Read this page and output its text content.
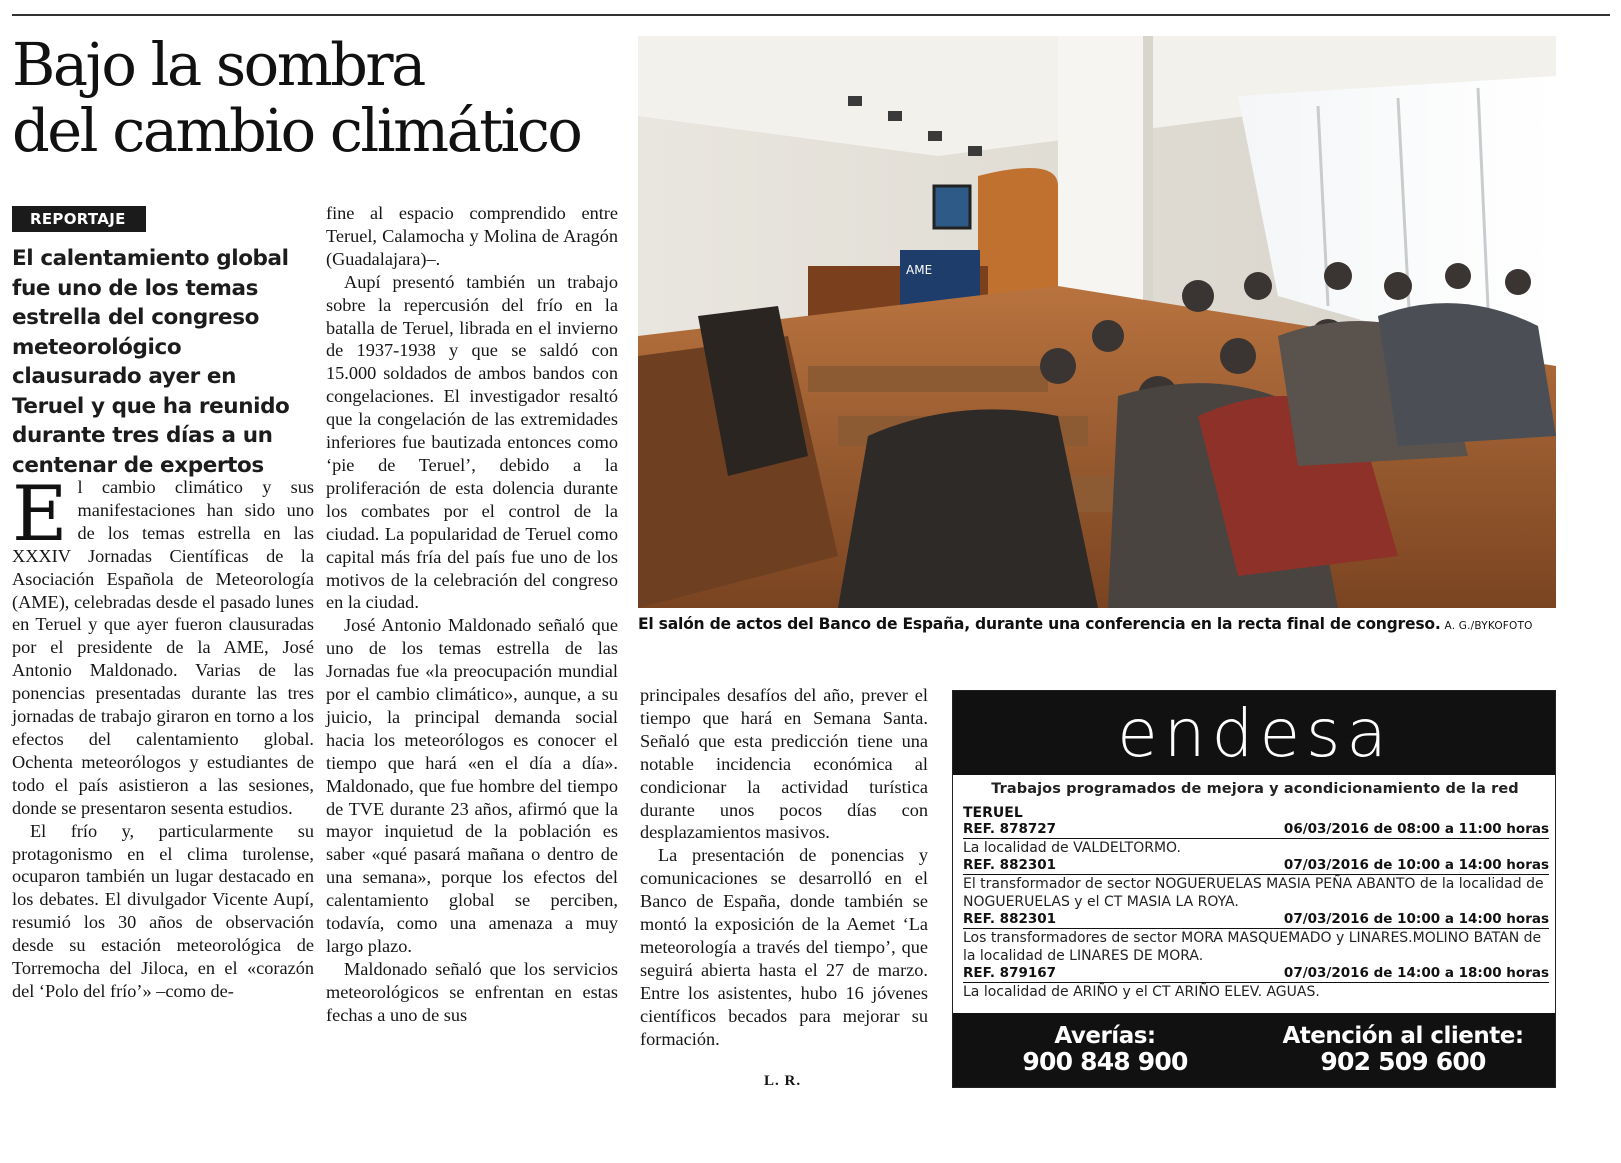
Bajo la sombra
del cambio climático
REPORTAJE

El calentamiento global fue uno de los temas estrella del congreso meteorológico clausurado ayer en Teruel y que ha reunido durante tres días a un centenar de expertos

El cambio climático y sus manifestaciones han sido uno de los temas estrella en las XXXIV Jornadas Científicas de la Asociación Española de Meteorología (AME), celebradas desde el pasado lunes en Teruel y que ayer fueron clausuradas por el presidente de la AME, José Antonio Maldonado. Varias de las ponencias presentadas durante las tres jornadas de trabajo giraron en torno a los efectos del calentamiento global. Ochenta meteorólogos y estudiantes de todo el país asistieron a las sesiones, donde se presentaron sesenta estudios.

El frío y, particularmente su protagonismo en el clima turolense, ocuparon también un lugar destacado en los debates. El divulgador Vicente Aupí, resumió los 30 años de observación desde su estación meteorológica de Torremocha del Jiloca, en el «corazón del ‘Polo del frío’» –como de-

fine al espacio comprendido entre Teruel, Calamocha y Molina de Aragón (Guadalajara)–.

Aupí presentó también un trabajo sobre la repercusión del frío en la batalla de Teruel, librada en el invierno de 1937-1938 y que se saldó con 15.000 soldados de ambos bandos con congelaciones. El investigador resaltó que la congelación de las extremidades inferiores fue bautizada entonces como ‘pie de Teruel’, debido a la proliferación de esta dolencia durante los combates por el control de la ciudad. La popularidad de Teruel como capital más fría del país fue uno de los motivos de la celebración del congreso en la ciudad.

José Antonio Maldonado señaló que uno de los temas estrella de las Jornadas fue «la preocupación mundial por el cambio climático», aunque, a su juicio, la principal demanda social hacia los meteorólogos es conocer el tiempo que hará «en el día a día». Maldonado, que fue hombre del tiempo de TVE durante 23 años, afirmó que la mayor inquietud de la población es saber «qué pasará mañana o dentro de una semana», porque los efectos del calentamiento global se perciben, todavía, como una amenaza a muy largo plazo.

Maldonado señaló que los servicios meteorológicos se enfrentan en estas fechas a uno de sus

AME
El salón de actos del Banco de España, durante una conferencia en la recta final de congreso. A. G./BYKOFOTO

principales desafíos del año, prever el tiempo que hará en Semana Santa. Señaló que esta predicción tiene una notable incidencia económica al condicionar la actividad turística durante unos pocos días con desplazamientos masivos.

La presentación de ponencias y comunicaciones se desarrolló en el Banco de España, donde también se montó la exposición de la Aemet ‘La meteorología a través del tiempo’, que seguirá abierta hasta el 27 de marzo. Entre los asistentes, hubo 16 jóvenes científicos becados para mejorar su formación.

L. R.
endesa
Trabajos programados de mejora y acondicionamiento de la red
TERUEL
REF. 878727	06/03/2016 de 08:00 a 11:00 horas
La localidad de VALDELTORMO.
REF. 882301	07/03/2016 de 10:00 a 14:00 horas
El transformador de sector NOGUERUELAS MASIA PEÑA ABANTO de la localidad de NOGUERUELAS y el CT MASIA LA ROYA.
REF. 882301	07/03/2016 de 10:00 a 14:00 horas
Los transformadores de sector MORA MASQUEMADO y LINARES.MOLINO BATAN de la localidad de LINARES DE MORA.
REF. 879167	07/03/2016 de 14:00 a 18:00 horas
La localidad de ARIÑO y el CT ARIÑO ELEV. AGUAS.
Averías:
900 848 900
Atención al cliente:
902 509 600
